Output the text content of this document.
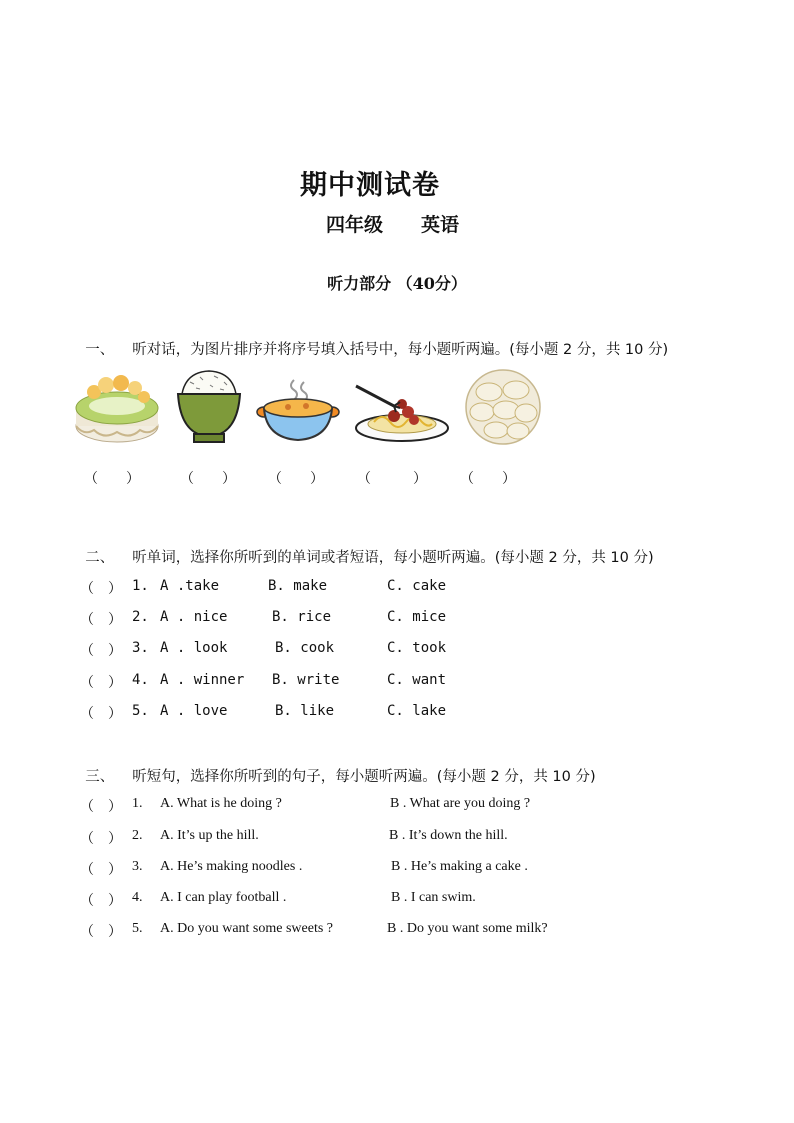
期中测试卷
四年级 英语
听力部分 （40分）

一、 听对话，为图片排序并将序号填入括号中，每小题听两遍。(每小题 2 分，共 10 分)

（　　）	（　　） （　　） （　　　） （　　）

二、 听单词，选择你所听到的单词或者短语，每小题听两遍。(每小题 2 分，共 10 分)

（　） 1. A .take	B. make	C. cake
（　） 2. A . nice	B. rice	C. mice
（　） 3. A . look	B. cook	C. took
（　） 4. A . winner B. write	C. want
（　） 5. A . love	B. like	C. lake

三、 听短句，选择你所听到的句子，每小题听两遍。(每小题 2 分，共 10 分)

（　） 1. A. What is he doing ?	B . What are you doing ?
（　） 2. A. It’s up the hill.	B . It’s down the hill.
（　） 3. A. He’s making noodles .	B . He’s making a cake .
（　） 4. A. I can play football .	B . I can swim.
（　） 5. A. Do you want some sweets ?	B . Do you want some milk?
